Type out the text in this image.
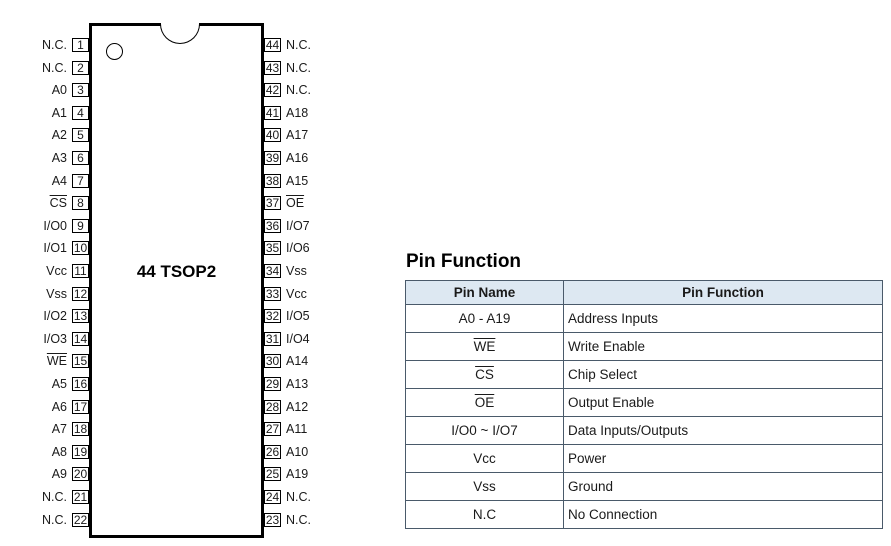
44 TSOP2
N.C. 1
N.C. 2
A0 3
A1 4
A2 5
A3 6
A4 7
$\overline{CS}$ 8
I/O0 9
I/O1 10
Vcc 11
Vss 12
I/O2 13
I/O3 14
$\overline{WE}$ 15
A5 16
A6 17
A7 18
A8 19
A9 20
N.C. 21
N.C. 22
44 N.C.
43 N.C.
42 N.C.
41 A18
40 A17
39 A16
38 A15
37 $\overline{OE}$
36 I/O7
35 I/O6
34 Vss
33 Vcc
32 I/O5
31 I/O4
30 A14
29 A13
28 A12
27 A11
26 A10
25 A19
24 N.C.
23 N.C.
Pin Function
Pin Name	Pin Function
A0 - A19	Address Inputs
$\overline{WE}$	Write Enable
$\overline{CS}$	Chip Select
$\overline{OE}$	Output Enable
I/O0 ~ I/O7	Data Inputs/Outputs
Vcc	Power
Vss	Ground
N.C	No Connection
